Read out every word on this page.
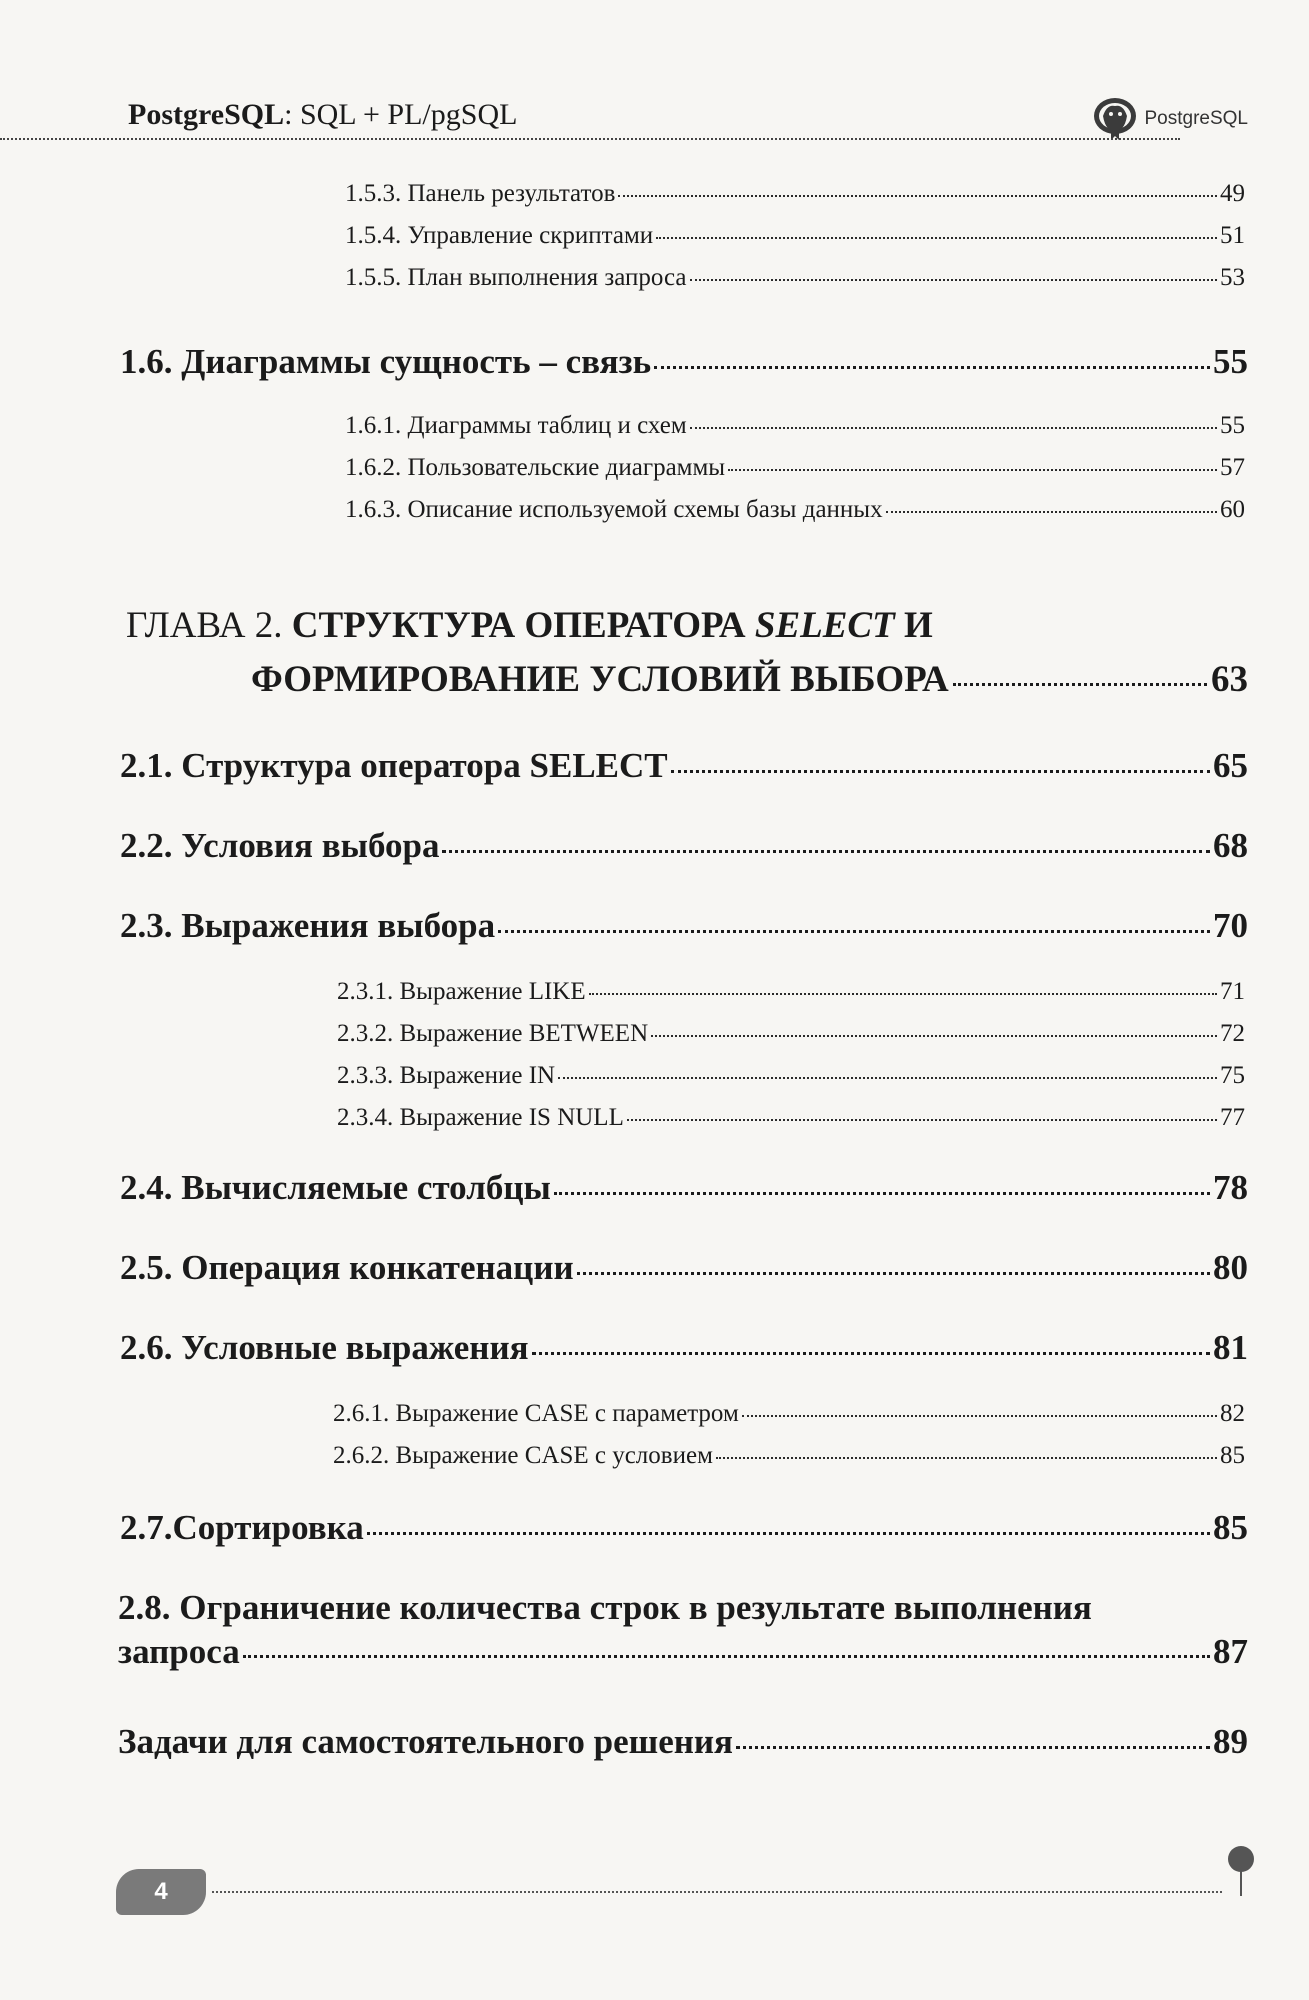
PostgreSQL: SQL + PL/pgSQL	PostgreSQL
1.5.3. Панель результатов	49
1.5.4. Управление скриптами	51
1.5.5. План выполнения запроса	53
1.6. Диаграммы сущность – связь	55
1.6.1. Диаграммы таблиц и схем	55
1.6.2. Пользовательские диаграммы	57
1.6.3. Описание используемой схемы базы данных	60
ГЛАВА 2. СТРУКТУРА ОПЕРАТОРА SELECT И
ФОРМИРОВАНИЕ УСЛОВИЙ ВЫБОРА	63
2.1. Структура оператора SELECT	65
2.2. Условия выбора	68
2.3. Выражения выбора	70
2.3.1. Выражение LIKE	71
2.3.2. Выражение BETWEEN	72
2.3.3. Выражение IN	75
2.3.4. Выражение IS NULL	77
2.4. Вычисляемые столбцы	78
2.5. Операция конкатенации	80
2.6. Условные выражения	81
2.6.1. Выражение CASE с параметром	82
2.6.2. Выражение CASE с условием	85
2.7.Сортировка	85
2.8. Ограничение количества строк в результате выполнения
запроса	87
Задачи для самостоятельного решения	89
4
